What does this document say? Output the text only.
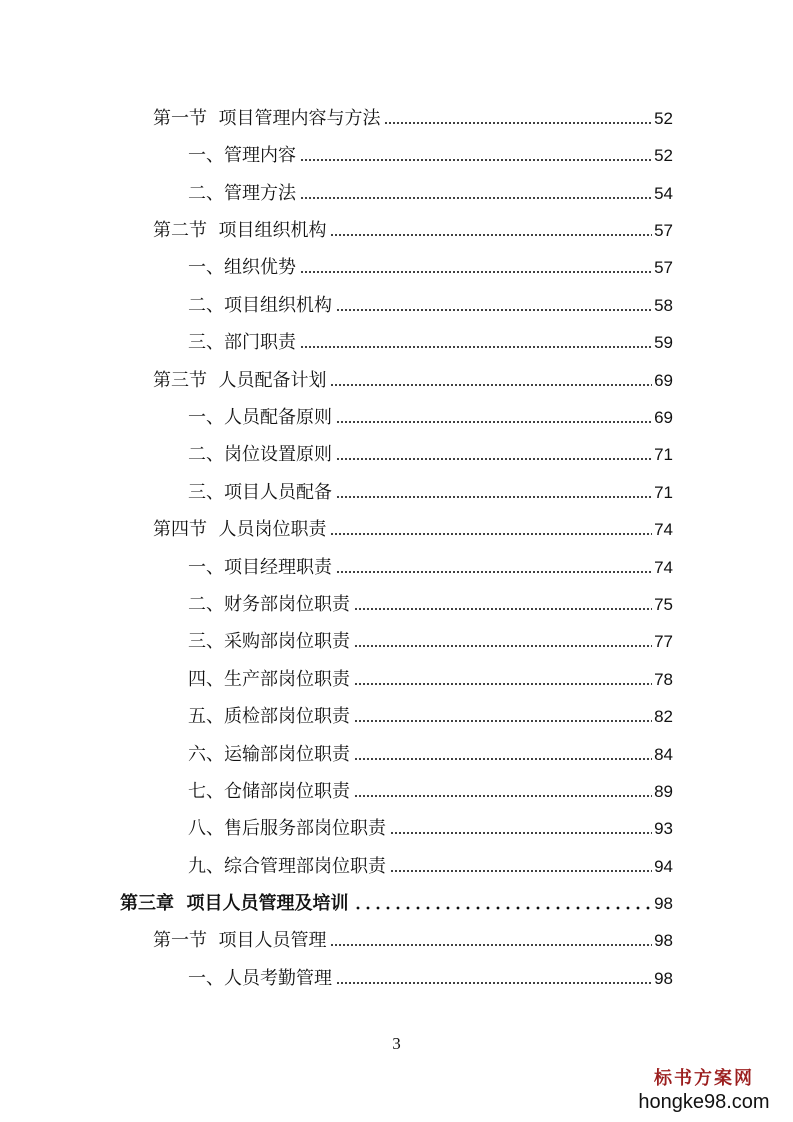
第一节  项目管理内容与方法	52
一、管理内容	52
二、管理方法	54
第二节  项目组织机构	57
一、组织优势	57
二、项目组织机构	58
三、部门职责	59
第三节  人员配备计划	69
一、人员配备原则	69
二、岗位设置原则	71
三、项目人员配备	71
第四节  人员岗位职责	74
一、项目经理职责	74
二、财务部岗位职责	75
三、采购部岗位职责	77
四、生产部岗位职责	78
五、质检部岗位职责	82
六、运输部岗位职责	84
七、仓储部岗位职责	89
八、售后服务部岗位职责	93
九、综合管理部岗位职责	94
第三章  项目人员管理及培训	98
第一节  项目人员管理	98
一、人员考勤管理	98
3
标书方案网
hongke98.com
